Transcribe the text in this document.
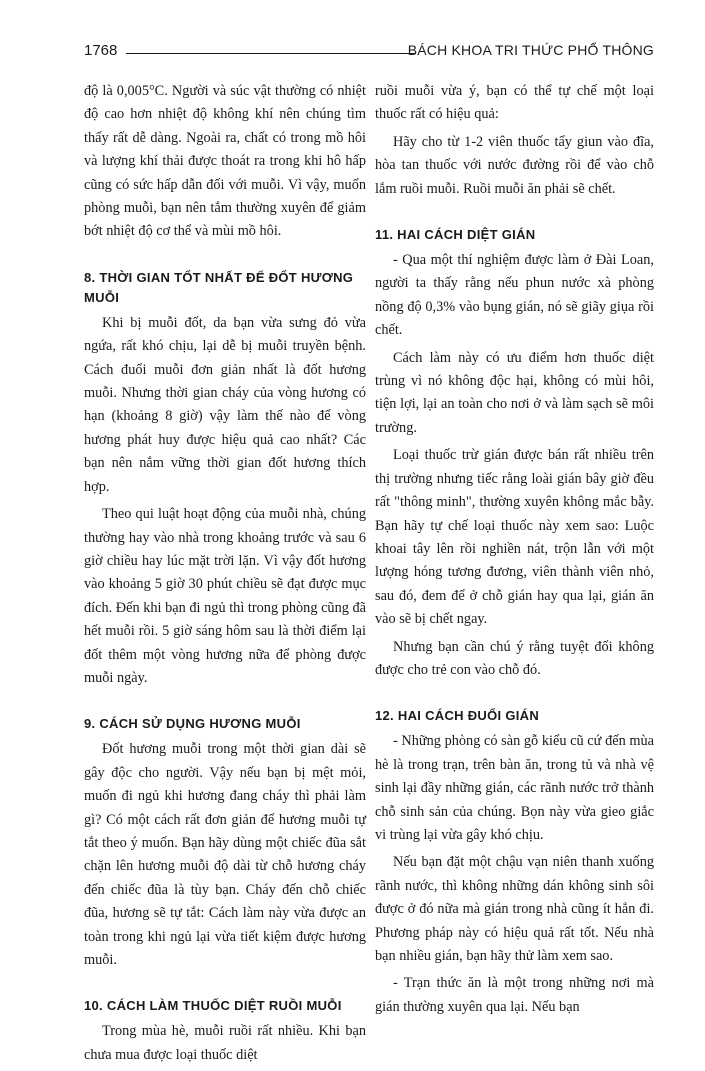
1768	BÁCH KHOA TRI THỨC PHỔ THÔNG

độ là 0,005°C. Người và súc vật thường có nhiệt độ cao hơn nhiệt độ không khí nên chúng tìm thấy rất dễ dàng. Ngoài ra, chất có trong mồ hôi và lượng khí thải được thoát ra trong khi hô hấp cũng có sức hấp dẫn đối với muỗi. Vì vậy, muốn phòng muỗi, bạn nên tắm thường xuyên để giảm bớt nhiệt độ cơ thể và mùi mồ hôi.

8. THỜI GIAN TỐT NHẤT ĐỂ ĐỐT HƯƠNG MUỖI

Khi bị muỗi đốt, da bạn vừa sưng đỏ vừa ngứa, rất khó chịu, lại dễ bị muỗi truyền bệnh. Cách đuổi muỗi đơn giản nhất là đốt hương muỗi. Nhưng thời gian cháy của vòng hương có hạn (khoảng 8 giờ) vậy làm thế nào để vòng hương phát huy được hiệu quả cao nhất? Các bạn nên nắm vững thời gian đốt hương thích hợp.

Theo qui luật hoạt động của muỗi nhà, chúng thường hay vào nhà trong khoảng trước và sau 6 giờ chiều hay lúc mặt trời lặn. Vì vậy đốt hương vào khoảng 5 giờ 30 phút chiều sẽ đạt được mục đích. Đến khi bạn đi ngủ thì trong phòng cũng đã hết muỗi rồi. 5 giờ sáng hôm sau là thời điểm lại đốt thêm một vòng hương nữa để phòng được muỗi ngày.

9. CÁCH SỬ DỤNG HƯƠNG MUỖI

Đốt hương muỗi trong một thời gian dài sẽ gây độc cho người. Vậy nếu bạn bị mệt mỏi, muốn đi ngủ khi hương đang cháy thì phải làm gì? Có một cách rất đơn giản để hương muỗi tự tắt theo ý muốn. Bạn hãy dùng một chiếc đũa sắt chặn lên hương muỗi độ dài từ chỗ hương cháy đến chiếc đũa là tùy bạn. Cháy đến chỗ chiếc đũa, hương sẽ tự tắt: Cách làm này vừa được an toàn trong khi ngủ lại vừa tiết kiệm được hương muỗi.

10. CÁCH LÀM THUỐC DIỆT RUỒI MUỖI

Trong mùa hè, muỗi ruồi rất nhiều. Khi bạn chưa mua được loại thuốc diệt

ruồi muỗi vừa ý, bạn có thể tự chế một loại thuốc rất có hiệu quả:

Hãy cho từ 1-2 viên thuốc tẩy giun vào đĩa, hòa tan thuốc với nước đường rồi để vào chỗ lắm ruồi muỗi. Ruồi muỗi ăn phải sẽ chết.

11. HAI CÁCH DIỆT GIÁN

- Qua một thí nghiệm được làm ở Đài Loan, người ta thấy rằng nếu phun nước xà phòng nồng độ 0,3% vào bụng gián, nó sẽ giãy giụa rồi chết.

Cách làm này có ưu điểm hơn thuốc diệt trùng vì nó không độc hại, không có mùi hôi, tiện lợi, lại an toàn cho nơi ở và làm sạch sẽ môi trường.

Loại thuốc trừ gián được bán rất nhiều trên thị trường nhưng tiếc rằng loài gián bây giờ đều rất "thông minh", thường xuyên không mắc bẫy. Bạn hãy tự chế loại thuốc này xem sao: Luộc khoai tây lên rồi nghiền nát, trộn lẫn với một lượng hóng tương đương, viên thành viên nhỏ, sau đó, đem để ở chỗ gián hay qua lại, gián ăn vào sẽ bị chết ngay.

Nhưng bạn cần chú ý rằng tuyệt đối không được cho trẻ con vào chỗ đó.

12. HAI CÁCH ĐUỔI GIÁN

- Những phòng có sàn gỗ kiểu cũ cứ đến mùa hè là trong trạn, trên bàn ăn, trong tủ và nhà vệ sinh lại đầy những gián, các rãnh nước trở thành chỗ sinh sản của chúng. Bọn này vừa gieo giắc vi trùng lại vừa gây khó chịu.

Nếu bạn đặt một chậu vạn niên thanh xuống rãnh nước, thì không những dán không sinh sôi được ở đó nữa mà gián trong nhà cũng ít hẳn đi. Phương pháp này có hiệu quả rất tốt. Nếu nhà bạn nhiều gián, bạn hãy thử làm xem sao.

- Trạn thức ăn là một trong những nơi mà gián thường xuyên qua lại. Nếu bạn
